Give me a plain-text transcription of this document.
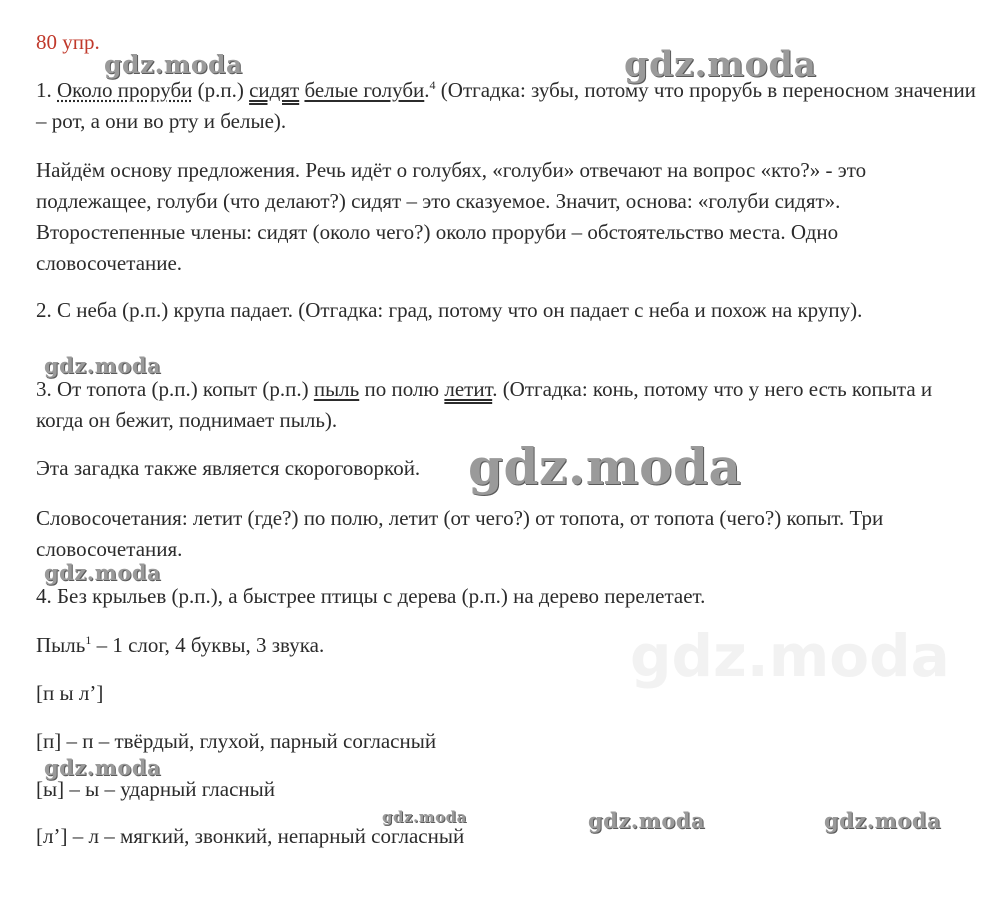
80 упр.

1. Около проруби (р.п.) сидят белые голуби.$^4$ (Отгадка: зубы, потому что прорубь в переносном значении – рот, а они во рту и белые).

Найдём основу предложения. Речь идёт о голубях, «голуби» отвечают на вопрос «кто?» - это подлежащее, голуби (что делают?) сидят – это сказуемое. Значит, основа: «голуби сидят». Второстепенные члены: сидят (около чего?) около проруби – обстоятельство места. Одно словосочетание.

2. С неба (р.п.) крупа падает. (Отгадка: град, потому что он падает с неба и похож на крупу).

3. От топота (р.п.) копыт (р.п.) пыль по полю летит. (Отгадка: конь, потому что у него есть копыта и когда он бежит, поднимает пыль).

Эта загадка также является скороговоркой.

Словосочетания: летит (где?) по полю, летит (от чего?) от топота, от топота (чего?) копыт. Три словосочетания.

4. Без крыльев (р.п.), а быстрее птицы с дерева (р.п.) на дерево перелетает.

Пыль$^1$ – 1 слог, 4 буквы, 3 звука.

[п ы л’]

[п] – п – твёрдый, глухой, парный согласный

[ы] – ы – ударный гласный

[л’] – л – мягкий, звонкий, непарный согласный

gdz.moda
gdz.moda	gdz.moda
gdz.moda
gdz.moda
gdz.moda
gdz.moda
gdz.moda	gdz.moda	gdz.moda
